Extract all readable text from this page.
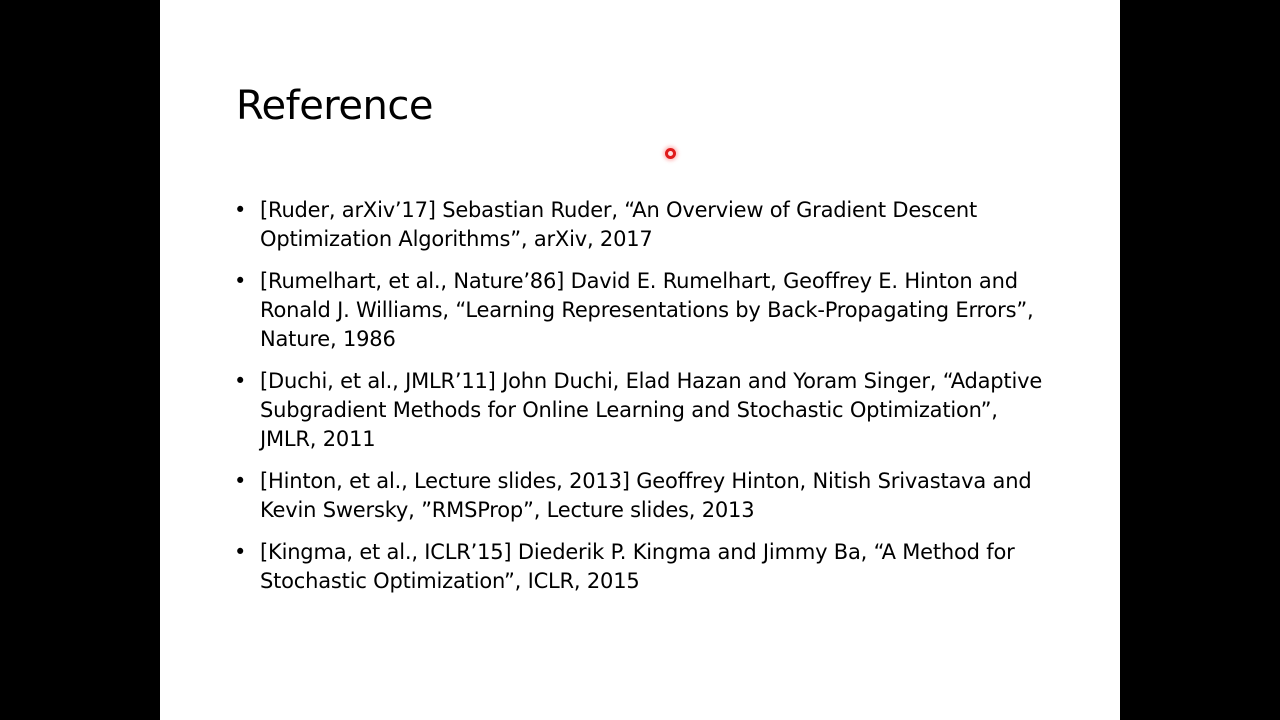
Reference
• [Ruder, arXiv’17] Sebastian Ruder, “An Overview of Gradient Descent Optimization Algorithms”, arXiv, 2017
• [Rumelhart, et al., Nature’86] David E. Rumelhart, Geoffrey E. Hinton and Ronald J. Williams, “Learning Representations by Back-Propagating Errors”, Nature, 1986
• [Duchi, et al., JMLR’11] John Duchi, Elad Hazan and Yoram Singer, “Adaptive Subgradient Methods for Online Learning and Stochastic Optimization”, JMLR, 2011
• [Hinton, et al., Lecture slides, 2013] Geoffrey Hinton, Nitish Srivastava and Kevin Swersky, ”RMSProp”, Lecture slides, 2013
• [Kingma, et al., ICLR’15] Diederik P. Kingma and Jimmy Ba, “A Method for Stochastic Optimization”, ICLR, 2015
